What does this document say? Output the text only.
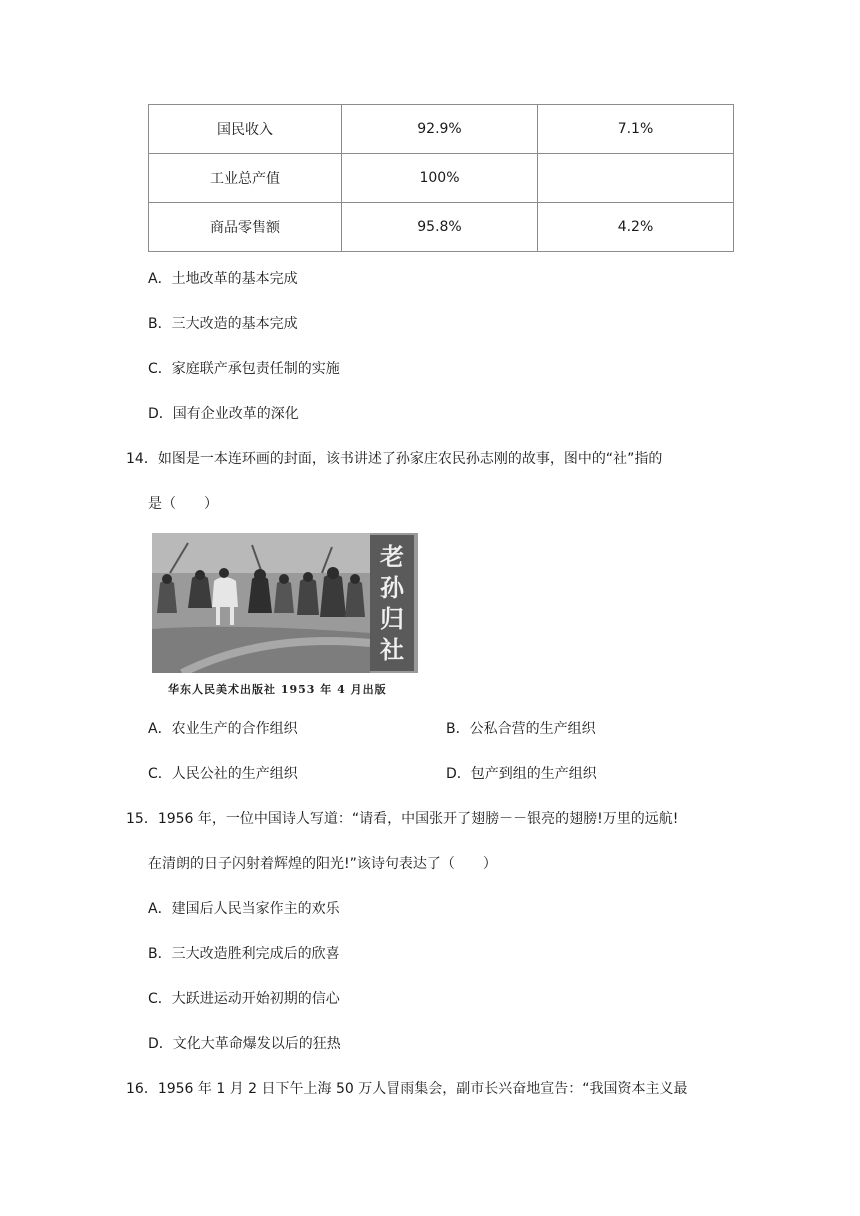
国民收入	92.9%	7.1%
工业总产值	100%	
商品零售额	95.8%	4.2%
A．土地改革的基本完成
B．三大改造的基本完成
C．家庭联产承包责任制的实施
D．国有企业改革的深化
14．如图是一本连环画的封面，该书讲述了孙家庄农民孙志刚的故事，图中的“社”指的
是（　　）
老
孙
归
社
华东人民美术出版社 1953 年 4 月出版
A．农业生产的合作组织	B．公私合营的生产组织
C．人民公社的生产组织	D．包产到组的生产组织
15．1956 年，一位中国诗人写道：“请看，中国张开了翅膀－－银亮的翅膀!万里的远航!
在清朗的日子闪射着辉煌的阳光!”该诗句表达了（　　）
A．建国后人民当家作主的欢乐
B．三大改造胜利完成后的欣喜
C．大跃进运动开始初期的信心
D．文化大革命爆发以后的狂热
16．1956 年 1 月 2 日下午上海 50 万人冒雨集会，副市长兴奋地宣告：“我国资本主义最
